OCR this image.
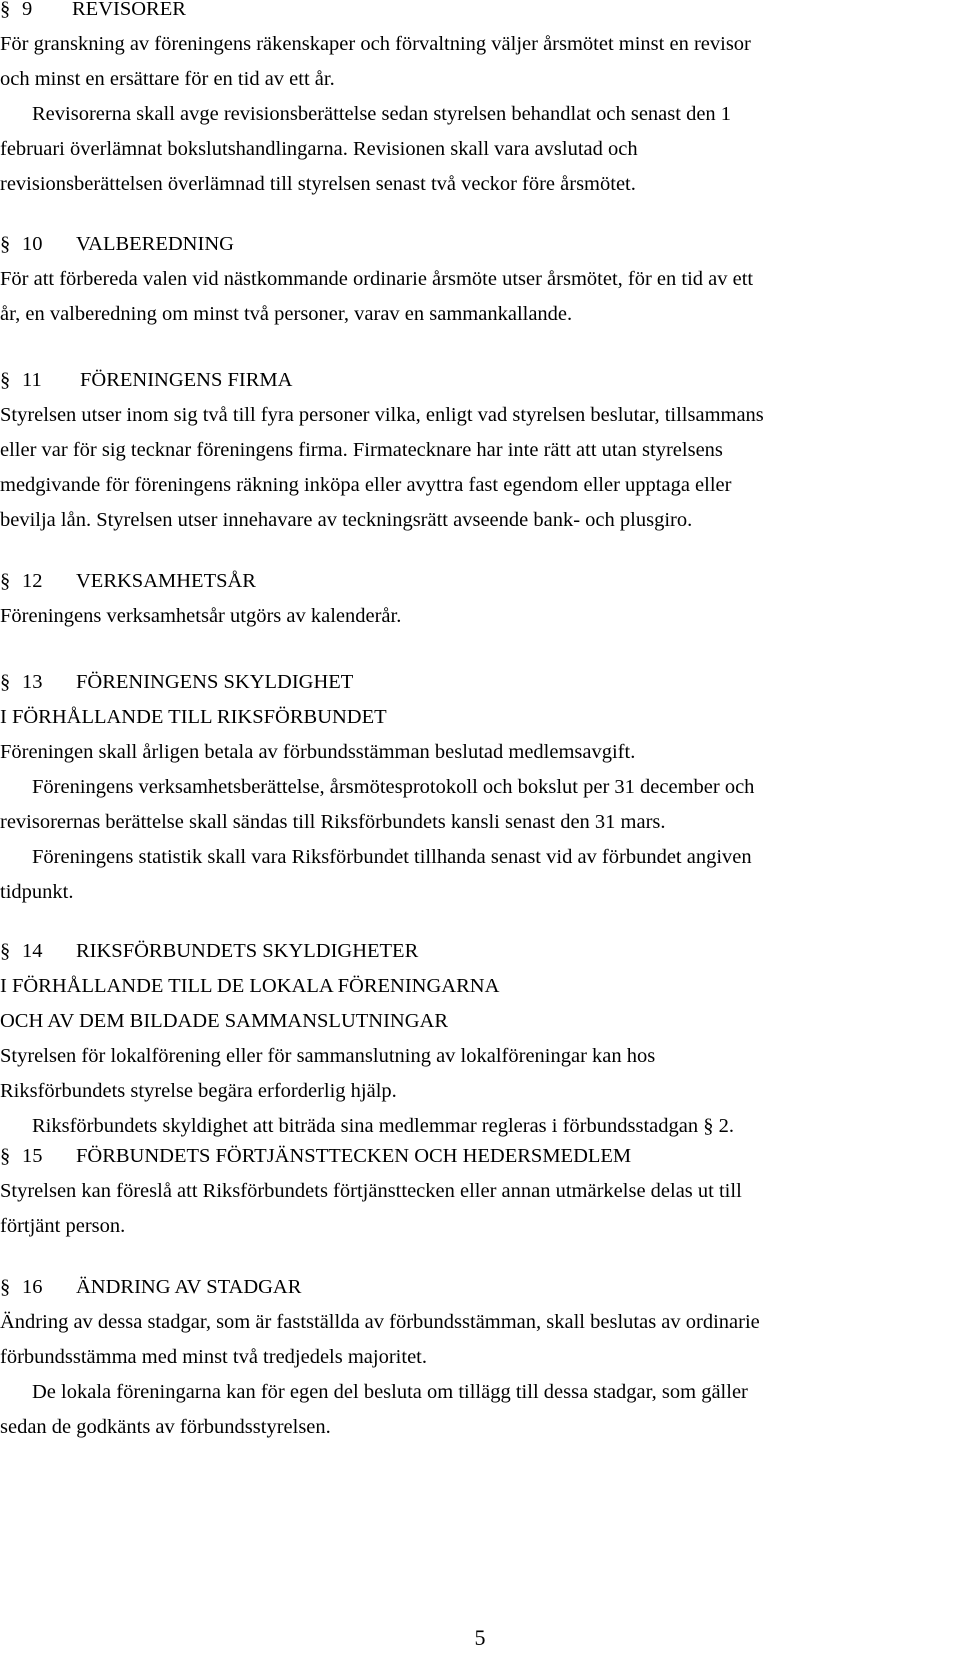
§ 9 REVISORER
För granskning av föreningens räkenskaper och förvaltning väljer årsmötet minst en revisor
och minst en ersättare för en tid av ett år.
Revisorerna skall avge revisionsberättelse sedan styrelsen behandlat och senast den 1
februari överlämnat bokslutshandlingarna. Revisionen skall vara avslutad och
revisionsberättelsen överlämnad till styrelsen senast två veckor före årsmötet.
§ 10 VALBEREDNING
För att förbereda valen vid nästkommande ordinarie årsmöte utser årsmötet, för en tid av ett
år, en valberedning om minst två personer, varav en sammankallande.
§ 11 FÖRENINGENS FIRMA
Styrelsen utser inom sig två till fyra personer vilka, enligt vad styrelsen beslutar, tillsammans
eller var för sig tecknar föreningens firma. Firmatecknare har inte rätt att utan styrelsens
medgivande för föreningens räkning inköpa eller avyttra fast egendom eller upptaga eller
bevilja lån. Styrelsen utser innehavare av teckningsrätt avseende bank- och plusgiro.
§ 12 VERKSAMHETSÅR
Föreningens verksamhetsår utgörs av kalenderår.
§ 13 FÖRENINGENS SKYLDIGHET
I FÖRHÅLLANDE TILL RIKSFÖRBUNDET
Föreningen skall årligen betala av förbundsstämman beslutad medlemsavgift.
Föreningens verksamhetsberättelse, årsmötesprotokoll och bokslut per 31 december och
revisorernas berättelse skall sändas till Riksförbundets kansli senast den 31 mars.
Föreningens statistik skall vara Riksförbundet tillhanda senast vid av förbundet angiven
tidpunkt.
§ 14 RIKSFÖRBUNDETS SKYLDIGHETER
I FÖRHÅLLANDE TILL DE LOKALA FÖRENINGARNA
OCH AV DEM BILDADE SAMMANSLUTNINGAR
Styrelsen för lokalförening eller för sammanslutning av lokalföreningar kan hos
Riksförbundets styrelse begära erforderlig hjälp.
Riksförbundets skyldighet att biträda sina medlemmar regleras i förbundsstadgan § 2.
§ 15 FÖRBUNDETS FÖRTJÄNSTTECKEN OCH HEDERSMEDLEM
Styrelsen kan föreslå att Riksförbundets förtjänsttecken eller annan utmärkelse delas ut till
förtjänt person.
§ 16 ÄNDRING AV STADGAR
Ändring av dessa stadgar, som är fastställda av förbundsstämman, skall beslutas av ordinarie
förbundsstämma med minst två tredjedels majoritet.
De lokala föreningarna kan för egen del besluta om tillägg till dessa stadgar, som gäller
sedan de godkänts av förbundsstyrelsen.
5
